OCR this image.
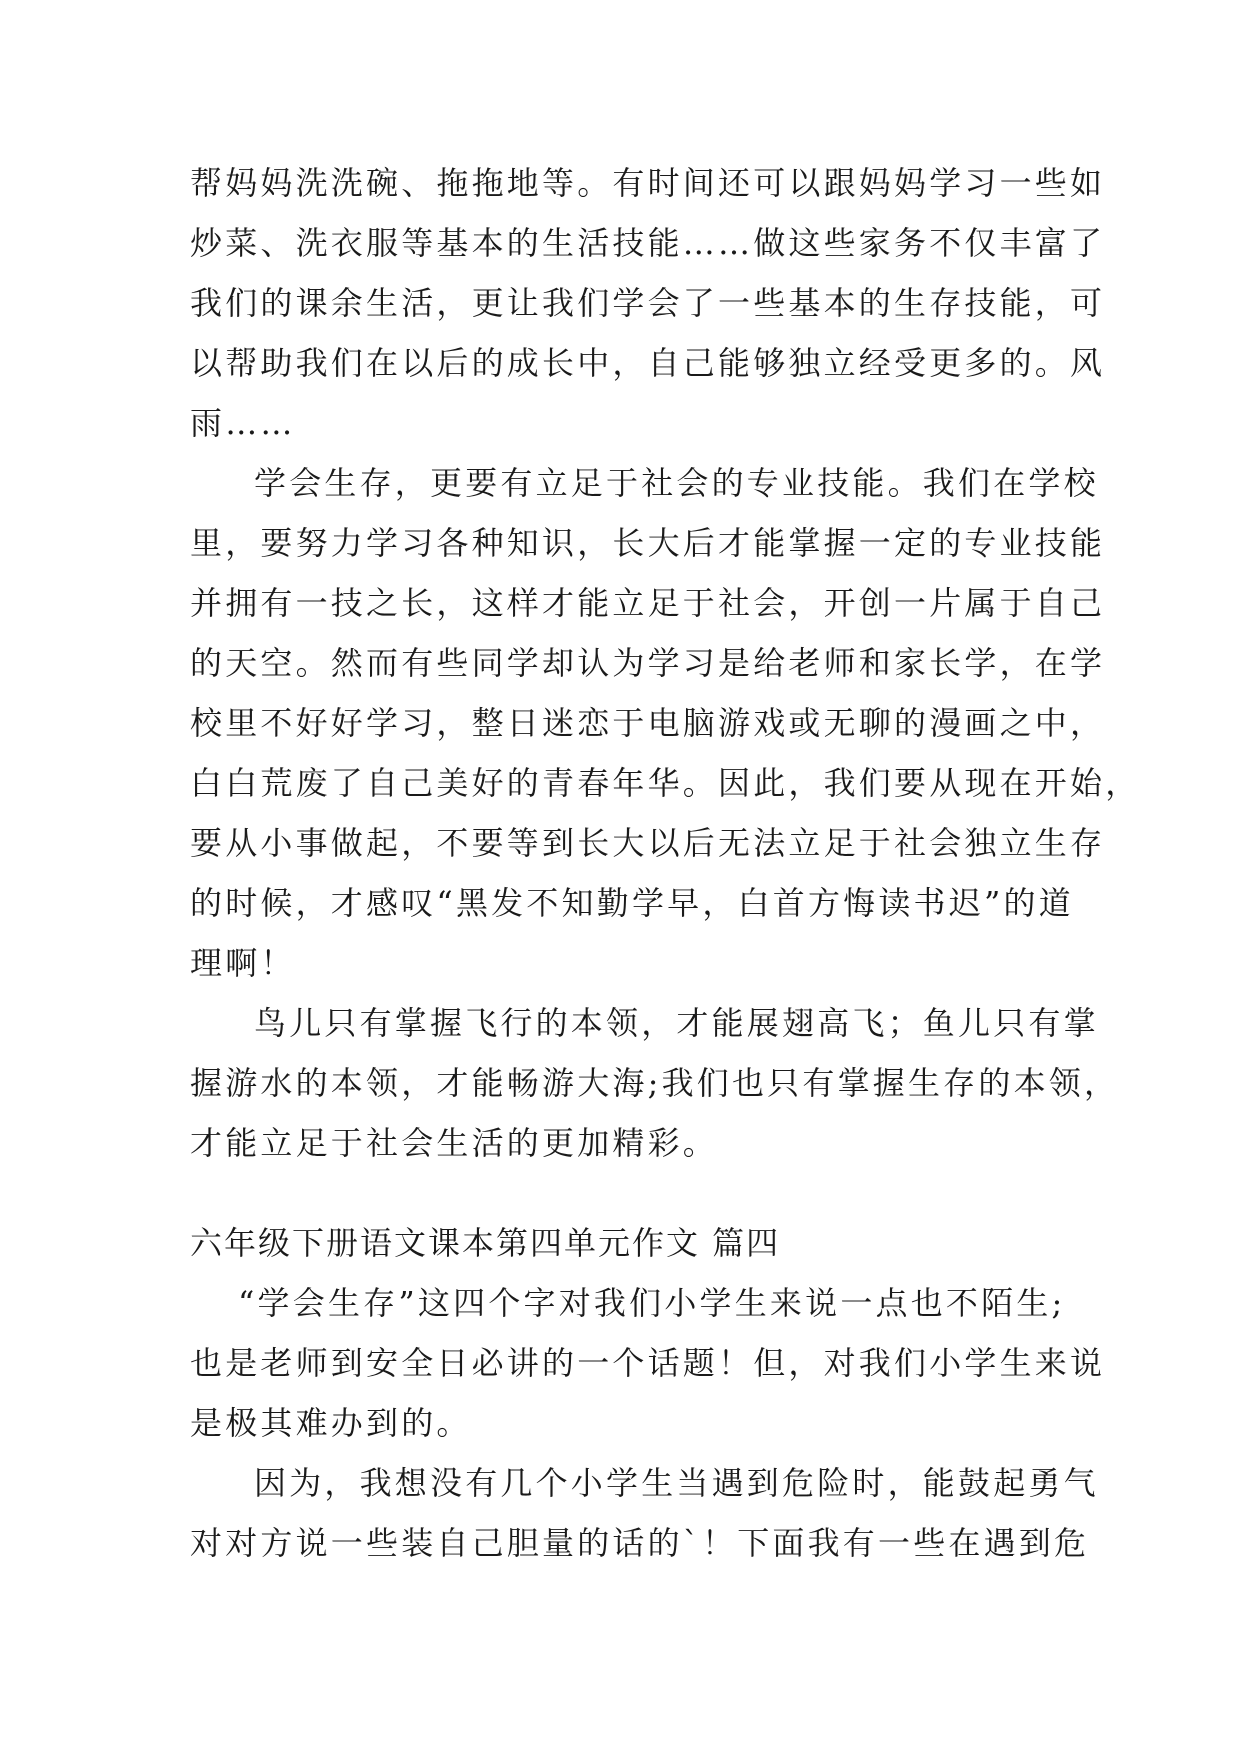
帮妈妈洗洗碗、拖拖地等。有时间还可以跟妈妈学习一些如
炒菜、洗衣服等基本的生活技能……做这些家务不仅丰富了
我们的课余生活，更让我们学会了一些基本的生存技能，可
以帮助我们在以后的成长中，自己能够独立经受更多的。风
雨……
学会生存，更要有立足于社会的专业技能。我们在学校
里，要努力学习各种知识，长大后才能掌握一定的专业技能
并拥有一技之长，这样才能立足于社会，开创一片属于自己
的天空。然而有些同学却认为学习是给老师和家长学，在学
校里不好好学习，整日迷恋于电脑游戏或无聊的漫画之中，
白白荒废了自己美好的青春年华。因此，我们要从现在开始，
要从小事做起，不要等到长大以后无法立足于社会独立生存
的时候，才感叹“黑发不知勤学早，白首方悔读书迟”的道
理啊！
鸟儿只有掌握飞行的本领，才能展翅高飞；鱼儿只有掌
握游水的本领，才能畅游大海;我们也只有掌握生存的本领，
才能立足于社会生活的更加精彩。
六年级下册语文课本第四单元作文 篇四
“学会生存”这四个字对我们小学生来说一点也不陌生;
也是老师到安全日必讲的一个话题！但，对我们小学生来说
是极其难办到的。
因为，我想没有几个小学生当遇到危险时，能鼓起勇气
对对方说一些装自己胆量的话的`！下面我有一些在遇到危
